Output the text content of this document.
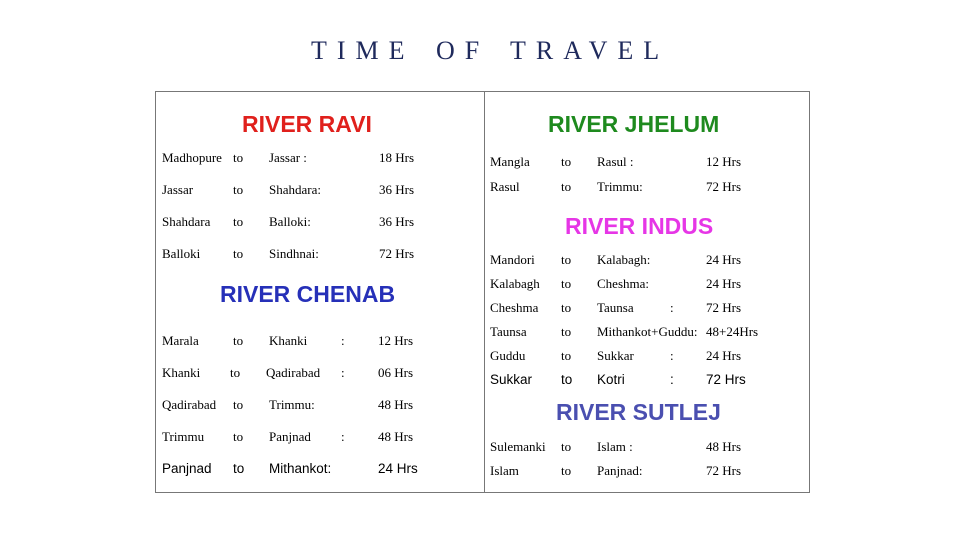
TIME OF TRAVEL
RIVER RAVI
RIVER CHENAB
RIVER JHELUM
RIVER INDUS
RIVER SUTLEJ
Madhopure to Jassar :	18 Hrs
Jassar	to Shahdara:	36 Hrs
Shahdara to Balloki:	36 Hrs
Balloki	to Sindhnai:	72 Hrs
Marala	to Khanki	:	12 Hrs
Khanki to Qadirabad :	06 Hrs
Qadirabad to Trimmu:	48 Hrs
Trimmu to Panjnad :	48 Hrs
Panjnad to Mithankot:	24 Hrs
Mangla to Rasul :	12 Hrs
Rasul	to Trimmu:	72 Hrs
Mandori to Kalabagh:	24 Hrs
Kalabagh to Cheshma:	24 Hrs
Cheshma to Taunsa	: 72 Hrs
Taunsa	to Mithankot+Guddu: 48+24Hrs
Guddu	to Sukkar	: 24 Hrs
Sukkar to Kotri	: 72 Hrs
Sulemanki to Islam :	48 Hrs
Islam	to Panjnad:	72 Hrs
